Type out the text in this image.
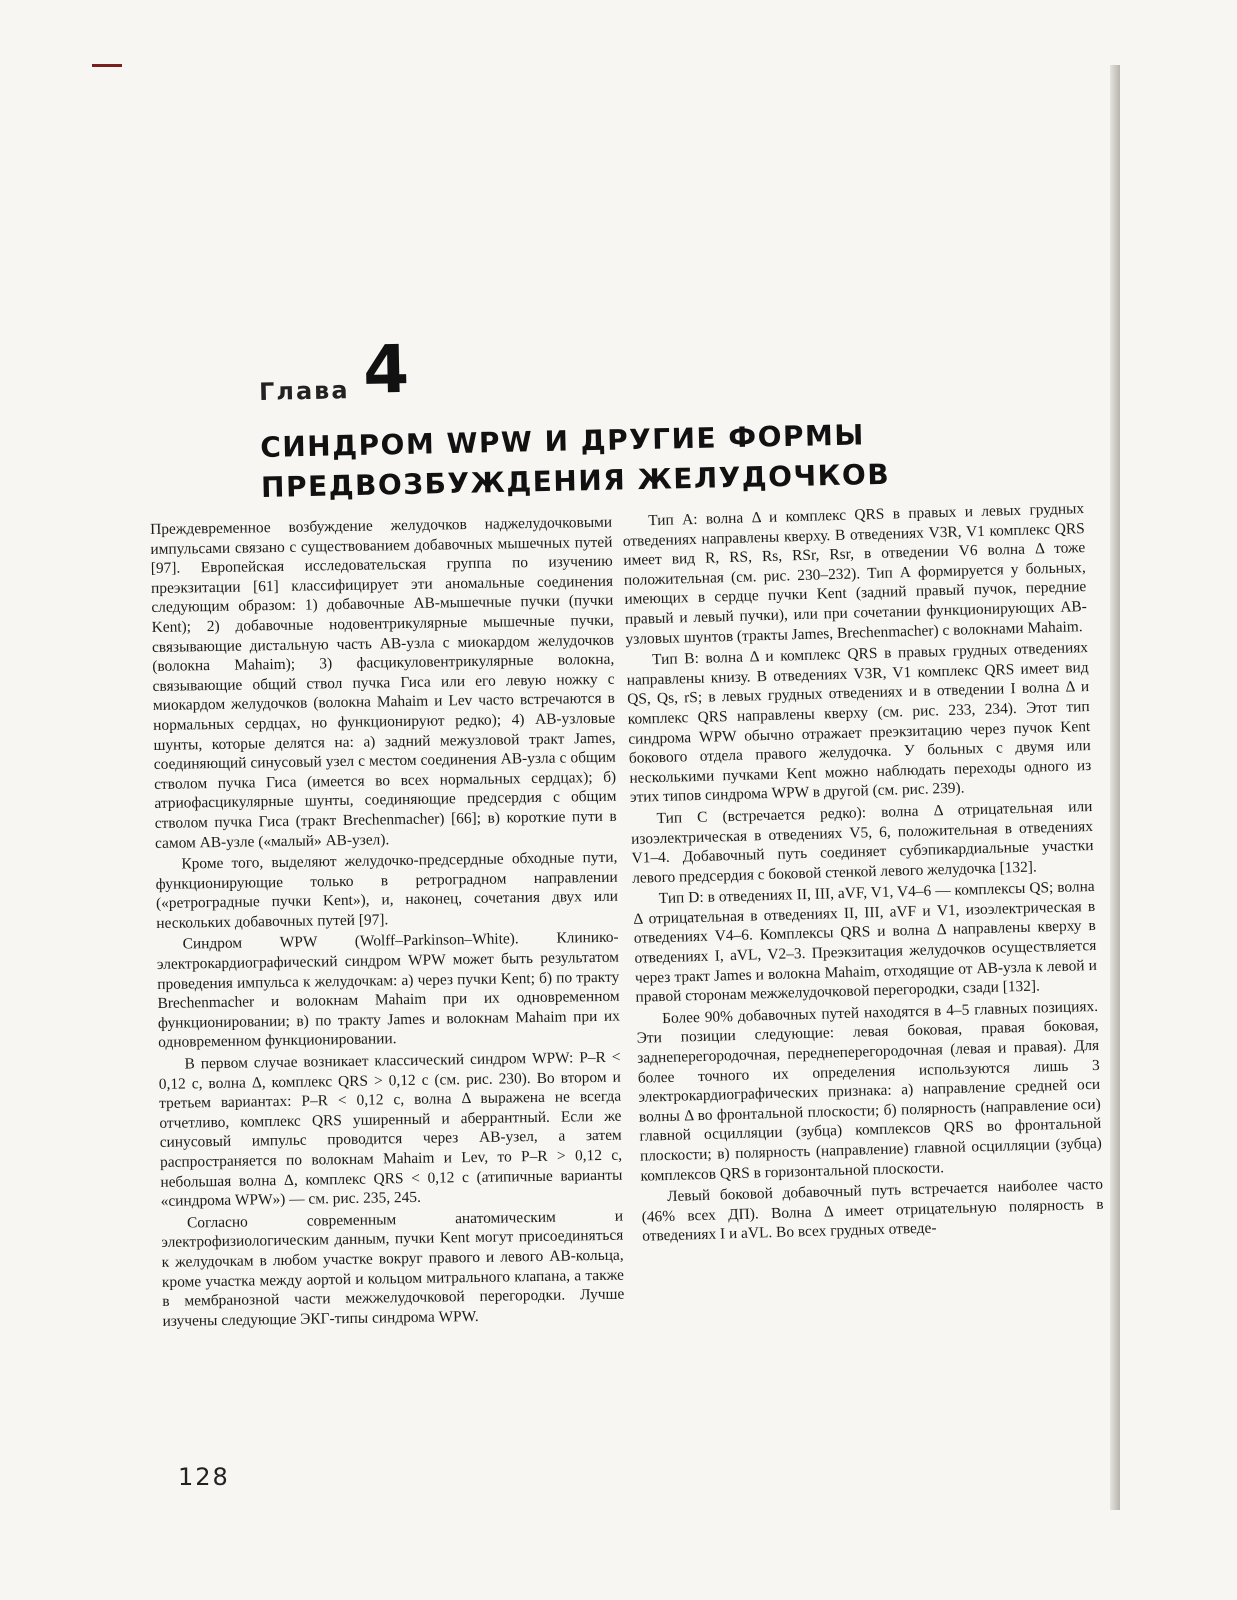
Глава 4
СИНДРОМ WPW И ДРУГИЕ ФОРМЫ
ПРЕДВОЗБУЖДЕНИЯ ЖЕЛУДОЧКОВ

Преждевременное возбуждение желудочков наджелудочковыми импульсами связано с существованием добавочных мышечных путей [97]. Европейская исследовательская группа по изучению преэкзитации [61] классифицирует эти аномальные соединения следующим образом: 1) добавочные АВ-мышечные пучки (пучки Kent); 2) добавочные нодовентрикулярные мышечные пучки, связывающие дистальную часть АВ-узла с миокардом желудочков (волокна Mahaim); 3) фасцикуловентрикулярные волокна, связывающие общий ствол пучка Гиса или его левую ножку с миокардом желудочков (волокна Mahaim и Lev часто встречаются в нормальных сердцах, но функционируют редко); 4) АВ-узловые шунты, которые делятся на: а) задний межузловой тракт James, соединяющий синусовый узел с местом соединения АВ-узла с общим стволом пучка Гиса (имеется во всех нормальных сердцах); б) атриофасцикулярные шунты, соединяющие предсердия с общим стволом пучка Гиса (тракт Brechenmacher) [66]; в) короткие пути в самом АВ-узле («малый» АВ-узел).

Кроме того, выделяют желудочко-предсердные обходные пути, функционирующие только в ретроградном направлении («ретроградные пучки Kent»), и, наконец, сочетания двух или нескольких добавочных путей [97].

Синдром WPW (Wolff–Parkinson–White). Клинико-электрокардиографический синдром WPW может быть результатом проведения импульса к желудочкам: а) через пучки Kent; б) по тракту Brechenmacher и волокнам Mahaim при их одновременном функционировании; в) по тракту James и волокнам Mahaim при их одновременном функционировании.

В первом случае возникает классический синдром WPW: P–R < 0,12 с, волна Δ, комплекс QRS > 0,12 с (см. рис. 230). Во втором и третьем вариантах: P–R < 0,12 с, волна Δ выражена не всегда отчетливо, комплекс QRS уширенный и аберрантный. Если же синусовый импульс проводится через АВ-узел, а затем распространяется по волокнам Mahaim и Lev, то P–R > 0,12 с, небольшая волна Δ, комплекс QRS < 0,12 с (атипичные варианты «синдрома WPW») — см. рис. 235, 245.

Согласно современным анатомическим и электрофизиологическим данным, пучки Kent могут присоединяться к желудочкам в любом участке вокруг правого и левого АВ-кольца, кроме участка между аортой и кольцом митрального клапана, а также в мембранозной части межжелудочковой перегородки. Лучше изучены следующие ЭКГ-типы синдрома WPW.

Тип А: волна Δ и комплекс QRS в правых и левых грудных отведениях направлены кверху. В отведениях V3R, V1 комплекс QRS имеет вид R, RS, Rs, RSr, Rsr, в отведении V6 волна Δ тоже положительная (см. рис. 230–232). Тип А формируется у больных, имеющих в сердце пучки Kent (задний правый пучок, передние правый и левый пучки), или при сочетании функционирующих АВ-узловых шунтов (тракты James, Brechenmacher) с волокнами Mahaim.

Тип В: волна Δ и комплекс QRS в правых грудных отведениях направлены книзу. В отведениях V3R, V1 комплекс QRS имеет вид QS, Qs, rS; в левых грудных отведениях и в отведении I волна Δ и комплекс QRS направлены кверху (см. рис. 233, 234). Этот тип синдрома WPW обычно отражает преэкзитацию через пучок Kent бокового отдела правого желудочка. У больных с двумя или несколькими пучками Kent можно наблюдать переходы одного из этих типов синдрома WPW в другой (см. рис. 239).

Тип С (встречается редко): волна Δ отрицательная или изоэлектрическая в отведениях V5, 6, положительная в отведениях V1–4. Добавочный путь соединяет субэпикардиальные участки левого предсердия с боковой стенкой левого желудочка [132].

Тип D: в отведениях II, III, aVF, V1, V4–6 — комплексы QS; волна Δ отрицательная в отведениях II, III, aVF и V1, изоэлектрическая в отведениях V4–6. Комплексы QRS и волна Δ направлены кверху в отведениях I, aVL, V2–3. Преэкзитация желудочков осуществляется через тракт James и волокна Mahaim, отходящие от АВ-узла к левой и правой сторонам межжелудочковой перегородки, сзади [132].

Более 90% добавочных путей находятся в 4–5 главных позициях. Эти позиции следующие: левая боковая, правая боковая, заднеперегородочная, переднеперегородочная (левая и правая). Для более точного их определения используются лишь 3 электрокардиографических признака: а) направление средней оси волны Δ во фронтальной плоскости; б) полярность (направление оси) главной осцилляции (зубца) комплексов QRS во фронтальной плоскости; в) полярность (направление) главной осцилляции (зубца) комплексов QRS в горизонтальной плоскости.

Левый боковой добавочный путь встречается наиболее часто (46% всех ДП). Волна Δ имеет отрицательную полярность в отведениях I и aVL. Во всех грудных отведе-

128
